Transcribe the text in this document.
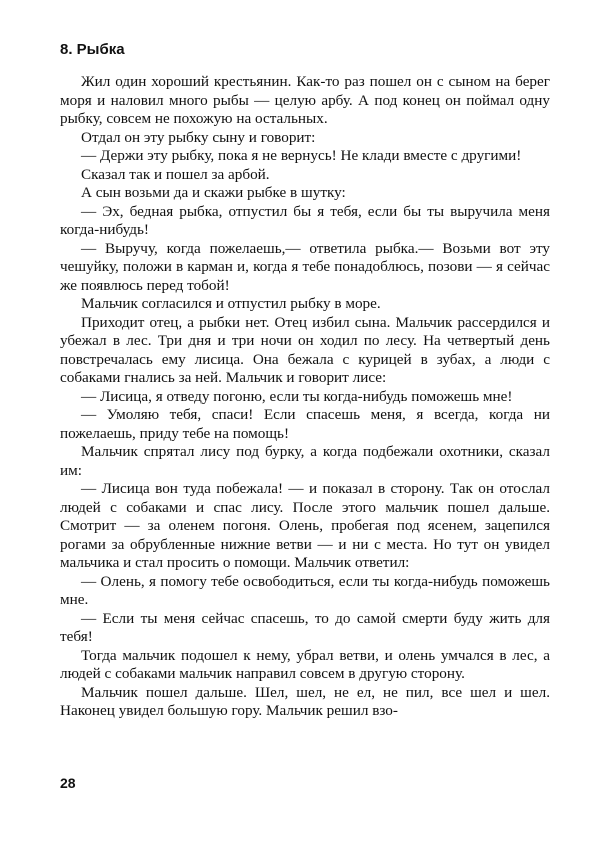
8. Рыбка

Жил один хороший крестьянин. Как-то раз пошел он с сыном на берег моря и наловил много рыбы — целую арбу. А под конец он поймал одну рыбку, совсем не похожую на остальных.

Отдал он эту рыбку сыну и говорит:

— Держи эту рыбку, пока я не вернусь! Не клади вместе с другими!

Сказал так и пошел за арбой.

А сын возьми да и скажи рыбке в шутку:

— Эх, бедная рыбка, отпустил бы я тебя, если бы ты выручила меня когда-нибудь!

— Выручу, когда пожелаешь,— ответила рыбка.— Возьми вот эту чешуйку, положи в карман и, когда я тебе понадоблюсь, позови — я сейчас же появлюсь перед тобой!

Мальчик согласился и отпустил рыбку в море.

Приходит отец, а рыбки нет. Отец избил сына. Мальчик рассердился и убежал в лес. Три дня и три ночи он ходил по лесу. На четвертый день повстречалась ему лисица. Она бежала с курицей в зубах, а люди с собаками гнались за ней. Мальчик и говорит лисе:

— Лисица, я отведу погоню, если ты когда-нибудь поможешь мне!

— Умоляю тебя, спаси! Если спасешь меня, я всегда, когда ни пожелаешь, приду тебе на помощь!

Мальчик спрятал лису под бурку, а когда подбежали охотники, сказал им:

— Лисица вон туда побежала! — и показал в сторону. Так он отослал людей с собаками и спас лису. После этого мальчик пошел дальше. Смотрит — за оленем погоня. Олень, пробегая под ясенем, зацепился рогами за обрубленные нижние ветви — и ни с места. Но тут он увидел мальчика и стал просить о помощи. Мальчик ответил:

— Олень, я помогу тебе освободиться, если ты когда-нибудь поможешь мне.

— Если ты меня сейчас спасешь, то до самой смерти буду жить для тебя!

Тогда мальчик подошел к нему, убрал ветви, и олень умчался в лес, а людей с собаками мальчик направил совсем в другую сторону.

Мальчик пошел дальше. Шел, шел, не ел, не пил, все шел и шел. Наконец увидел большую гору. Мальчик решил взо-

28
